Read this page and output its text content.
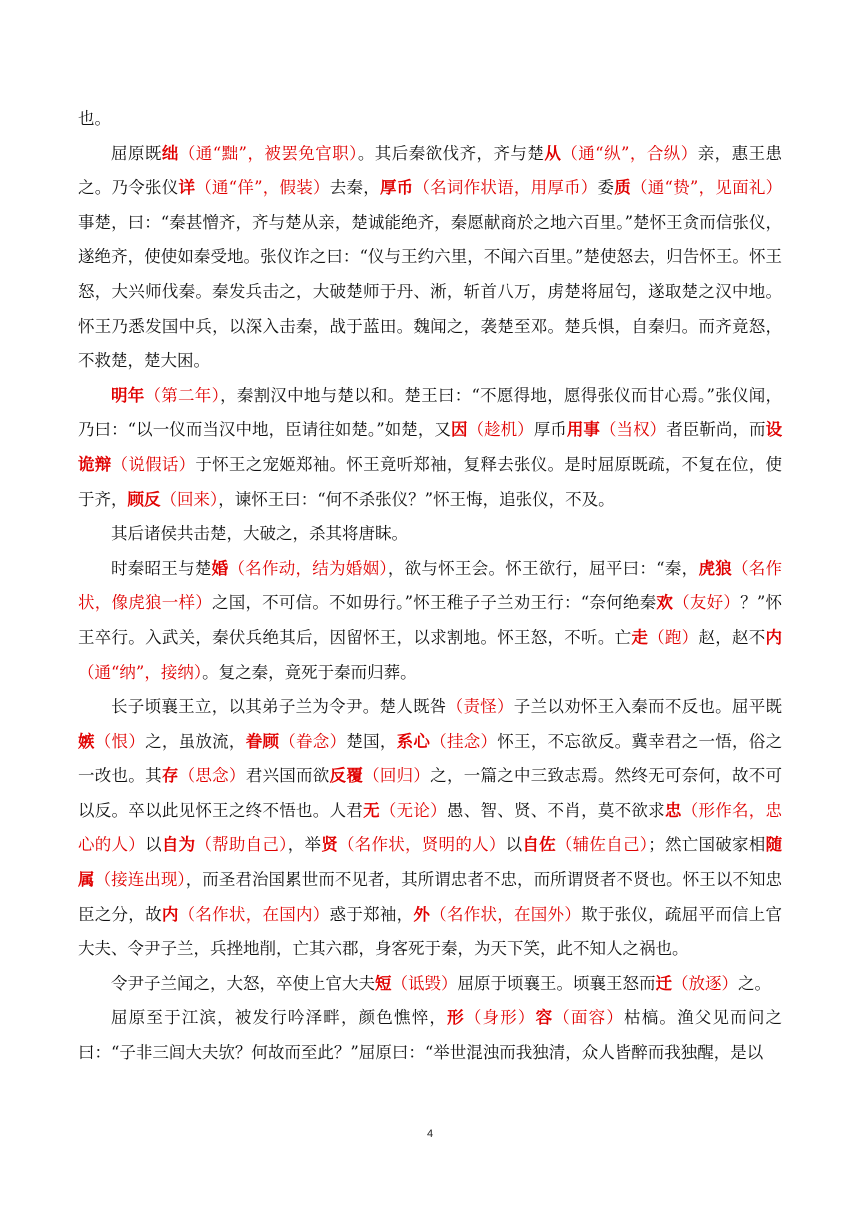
也。

屈原既绌（通“黜”，被罢免官职）。其后秦欲伐齐，齐与楚从（通“纵”，合纵）亲，惠王患之。乃令张仪详（通“佯”，假装）去秦，厚币（名词作状语，用厚币）委质（通“贽”，见面礼）事楚，曰：“秦甚憎齐，齐与楚从亲，楚诚能绝齐，秦愿献商於之地六百里。”楚怀王贪而信张仪，遂绝齐，使使如秦受地。张仪诈之曰：“仪与王约六里，不闻六百里。”楚使怒去，归告怀王。怀王怒，大兴师伐秦。秦发兵击之，大破楚师于丹、淅，斩首八万，虏楚将屈匄，遂取楚之汉中地。怀王乃悉发国中兵，以深入击秦，战于蓝田。魏闻之，袭楚至邓。楚兵惧，自秦归。而齐竟怒，不救楚，楚大困。

明年（第二年），秦割汉中地与楚以和。楚王曰：“不愿得地，愿得张仪而甘心焉。”张仪闻，乃曰：“以一仪而当汉中地，臣请往如楚。”如楚，又因（趁机）厚币用事（当权）者臣靳尚，而设诡辩（说假话）于怀王之宠姬郑袖。怀王竟听郑袖，复释去张仪。是时屈原既疏，不复在位，使于齐，顾反（回来），谏怀王曰：“何不杀张仪？”怀王悔，追张仪，不及。

其后诸侯共击楚，大破之，杀其将唐眜。

时秦昭王与楚婚（名作动，结为婚姻），欲与怀王会。怀王欲行，屈平曰：“秦，虎狼（名作状，像虎狼一样）之国，不可信。不如毋行。”怀王稚子子兰劝王行：“奈何绝秦欢（友好）？”怀王卒行。入武关，秦伏兵绝其后，因留怀王，以求割地。怀王怒，不听。亡走（跑）赵，赵不内（通“纳”，接纳）。复之秦，竟死于秦而归葬。

长子顷襄王立，以其弟子兰为令尹。楚人既咎（责怪）子兰以劝怀王入秦而不反也。屈平既嫉（恨）之，虽放流，眷顾（眷念）楚国，系心（挂念）怀王，不忘欲反。冀幸君之一悟，俗之一改也。其存（思念）君兴国而欲反覆（回归）之，一篇之中三致志焉。然终无可奈何，故不可以反。卒以此见怀王之终不悟也。人君无（无论）愚、智、贤、不肖，莫不欲求忠（形作名，忠心的人）以自为（帮助自己），举贤（名作状，贤明的人）以自佐（辅佐自己）；然亡国破家相随属（接连出现），而圣君治国累世而不见者，其所谓忠者不忠，而所谓贤者不贤也。怀王以不知忠臣之分，故内（名作状，在国内）惑于郑袖，外（名作状，在国外）欺于张仪，疏屈平而信上官大夫、令尹子兰，兵挫地削，亡其六郡，身客死于秦，为天下笑，此不知人之祸也。

令尹子兰闻之，大怒，卒使上官大夫短（诋毁）屈原于顷襄王。顷襄王怒而迁（放逐）之。

屈原至于江滨，被发行吟泽畔，颜色憔悴，形（身形）容（面容）枯槁。渔父见而问之曰：“子非三闾大夫欤？何故而至此？”屈原曰：“举世混浊而我独清，众人皆醉而我独醒，是以

4
